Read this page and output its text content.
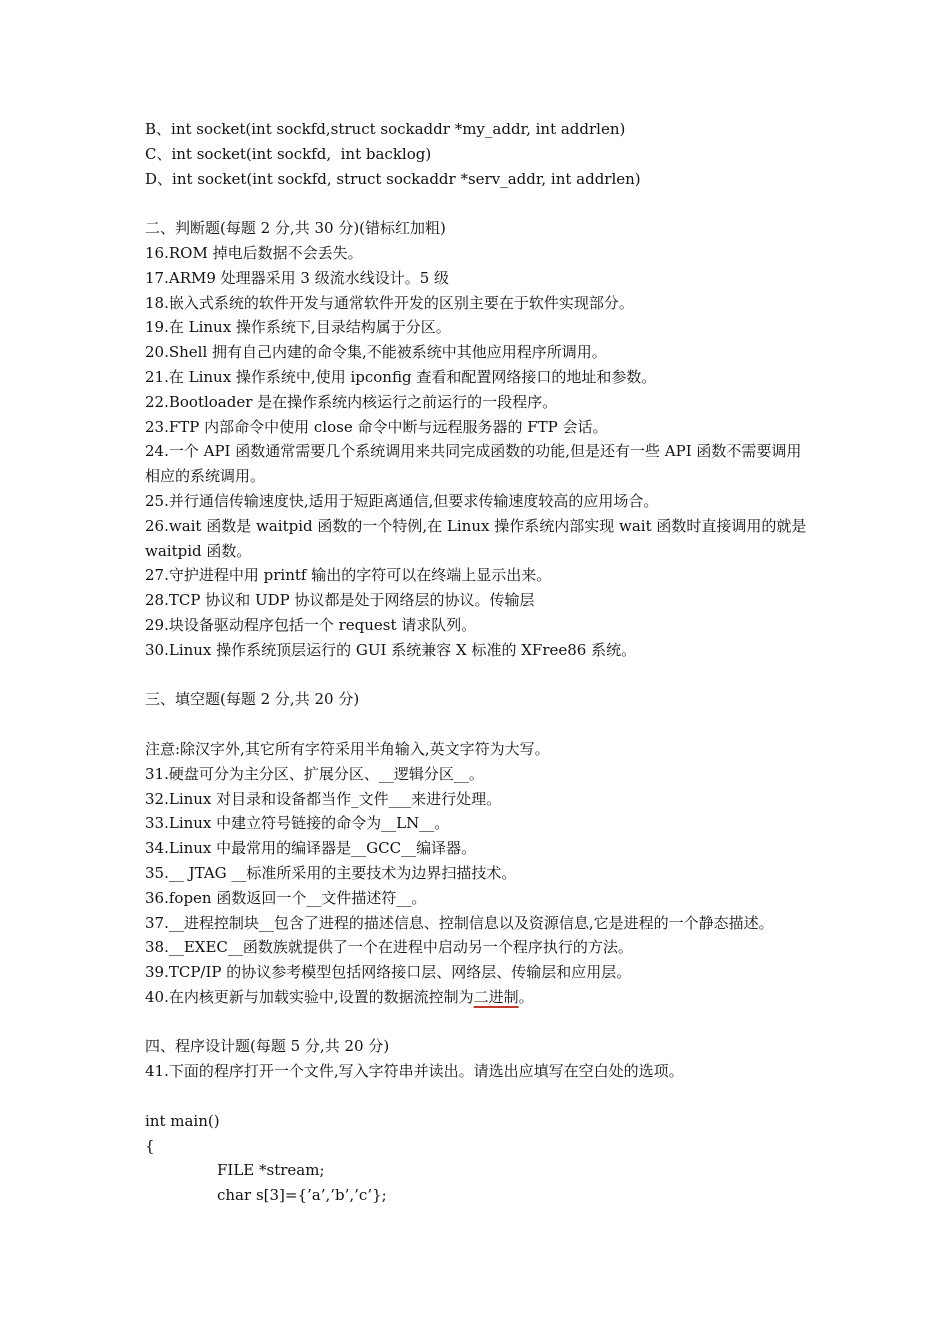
B、int socket(int sockfd,struct sockaddr *my_addr, int addrlen)
C、int socket(int sockfd,  int backlog)
D、int socket(int sockfd, struct sockaddr *serv_addr, int addrlen)
二、判断题(每题 2 分,共 30 分)(错标红加粗)
16.ROM 掉电后数据不会丢失。
17.ARM9 处理器采用 3 级流水线设计。5 级
18.嵌入式系统的软件开发与通常软件开发的区别主要在于软件实现部分。
19.在 Linux 操作系统下,目录结构属于分区。
20.Shell 拥有自己内建的命令集,不能被系统中其他应用程序所调用。
21.在 Linux 操作系统中,使用 ipconfig 查看和配置网络接口的地址和参数。
22.Bootloader 是在操作系统内核运行之前运行的一段程序。
23.FTP 内部命令中使用 close 命令中断与远程服务器的 FTP 会话。
24.一个 API 函数通常需要几个系统调用来共同完成函数的功能,但是还有一些 API 函数不需要调用相应的系统调用。
25.并行通信传输速度快,适用于短距离通信,但要求传输速度较高的应用场合。
26.wait 函数是 waitpid 函数的一个特例,在 Linux 操作系统内部实现 wait 函数时直接调用的就是 waitpid 函数。
27.守护进程中用 printf 输出的字符可以在终端上显示出来。
28.TCP 协议和 UDP 协议都是处于网络层的协议。传输层
29.块设备驱动程序包括一个 request 请求队列。
30.Linux 操作系统顶层运行的 GUI 系统兼容 X 标准的 XFree86 系统。
三、填空题(每题 2 分,共 20 分)
注意:除汉字外,其它所有字符采用半角输入,英文字符为大写。
31.硬盘可分为主分区、扩展分区、__逻辑分区__。
32.Linux 对目录和设备都当作_文件___来进行处理。
33.Linux 中建立符号链接的命令为__LN__。
34.Linux 中最常用的编译器是__GCC__编译器。
35.__ JTAG __标准所采用的主要技术为边界扫描技术。
36.fopen 函数返回一个__文件描述符__。
37.__进程控制块__包含了进程的描述信息、控制信息以及资源信息,它是进程的一个静态描述。
38.__EXEC__函数族就提供了一个在进程中启动另一个程序执行的方法。
39.TCP/IP 的协议参考模型包括网络接口层、网络层、传输层和应用层。
40.在内核更新与加载实验中,设置的数据流控制为二进制。
四、程序设计题(每题 5 分,共 20 分)
41.下面的程序打开一个文件,写入字符串并读出。请选出应填写在空白处的选项。
int main()
{
FILE *stream;
char s[3]={’a’,’b’,’c’};
